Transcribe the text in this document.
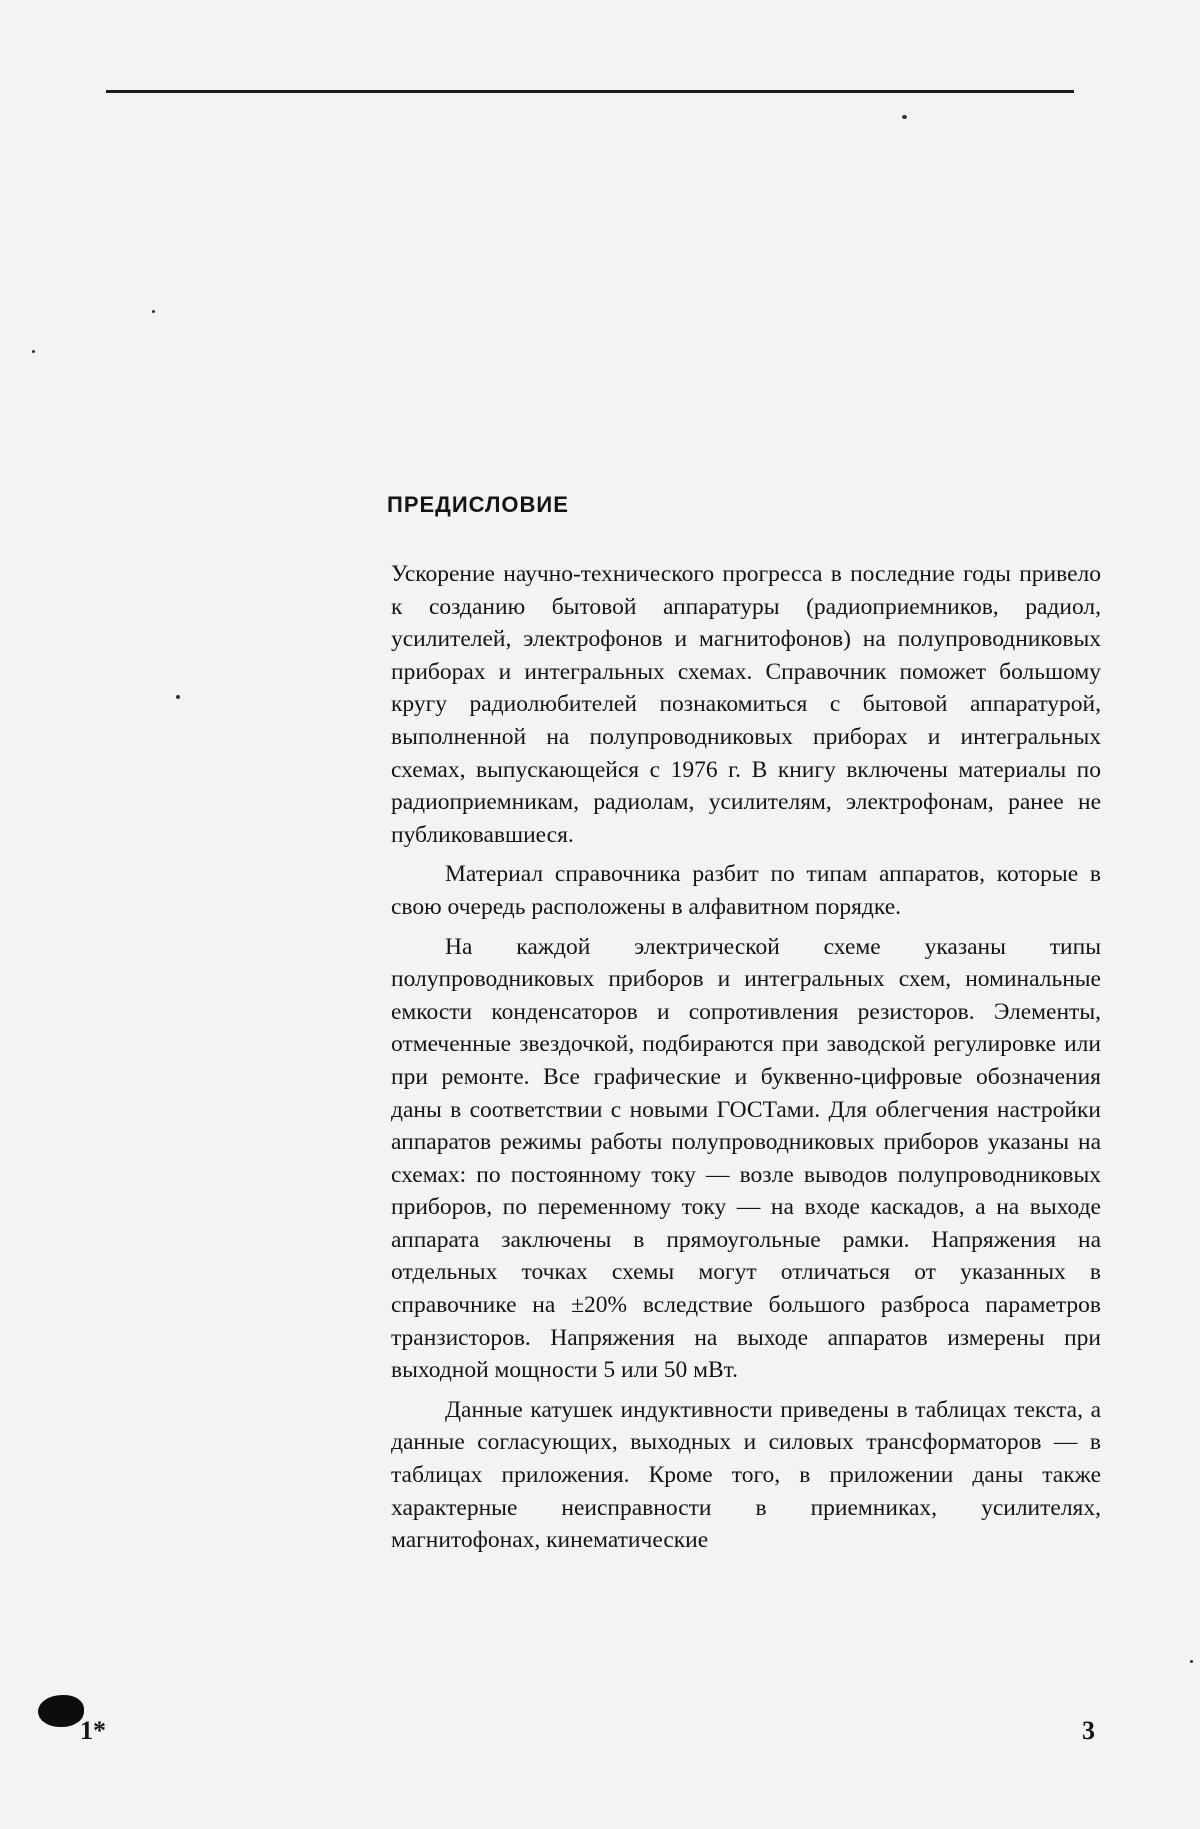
ПРЕДИСЛОВИЕ

Ускорение научно-технического прогресса в последние годы привело к созданию бытовой аппаратуры (радиоприемников, радиол, усилителей, электрофонов и магнитофонов) на полупроводниковых приборах и интегральных схемах. Справочник поможет большому кругу радиолюбителей познакомиться с бытовой аппаратурой, выполненной на полупроводниковых приборах и интегральных схемах, выпускающейся с 1976 г. В книгу включены материалы по радиоприемникам, радиолам, усилителям, электрофонам, ранее не публиковавшиеся.

Материал справочника разбит по типам аппаратов, которые в свою очередь расположены в алфавитном порядке.

На каждой электрической схеме указаны типы полупроводниковых приборов и интегральных схем, номинальные емкости конденсаторов и сопротивления резисторов. Элементы, отмеченные звездочкой, подбираются при заводской регулировке или при ремонте. Все графические и буквенно-цифровые обозначения даны в соответствии с новыми ГОСТами. Для облегчения настройки аппаратов режимы работы полупроводниковых приборов указаны на схемах: по постоянному току — возле выводов полупроводниковых приборов, по переменному току — на входе каскадов, а на выходе аппарата заключены в прямоугольные рамки. Напряжения на отдельных точках схемы могут отличаться от указанных в справочнике на ±20% вследствие большого разброса параметров транзисторов. Напряжения на выходе аппаратов измерены при выходной мощности 5 или 50 мВт.

Данные катушек индуктивности приведены в таблицах текста, а данные согласующих, выходных и силовых трансформаторов — в таблицах приложения. Кроме того, в приложении даны также характерные неисправности в приемниках, усилителях, магнитофонах, кинематические

1*	3
